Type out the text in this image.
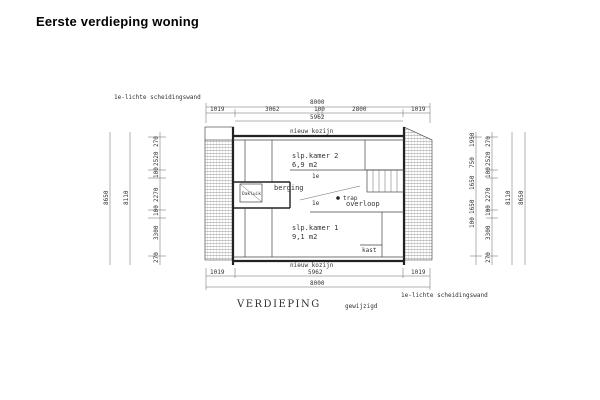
Eerste verdieping woning
1e-lichte scheidingswand
8000
1019	3062	100	2800	1019
5962
nieuw kozijn
nieuw kozijn
Dakluik
slp.kamer 2
6,9 m2
berging
1e
1e
trap
overloop
slp.kamer 1
9,1 m2
kast
8650 8110
270
2520
100
2270
100
3300
270
1950
750
1650
1650
100
270
2520
100
2270
100
3300
270
8110 8650
1019	5962	1019
8000
1e-lichte scheidingswand
VERDIEPING	gewijzigd
